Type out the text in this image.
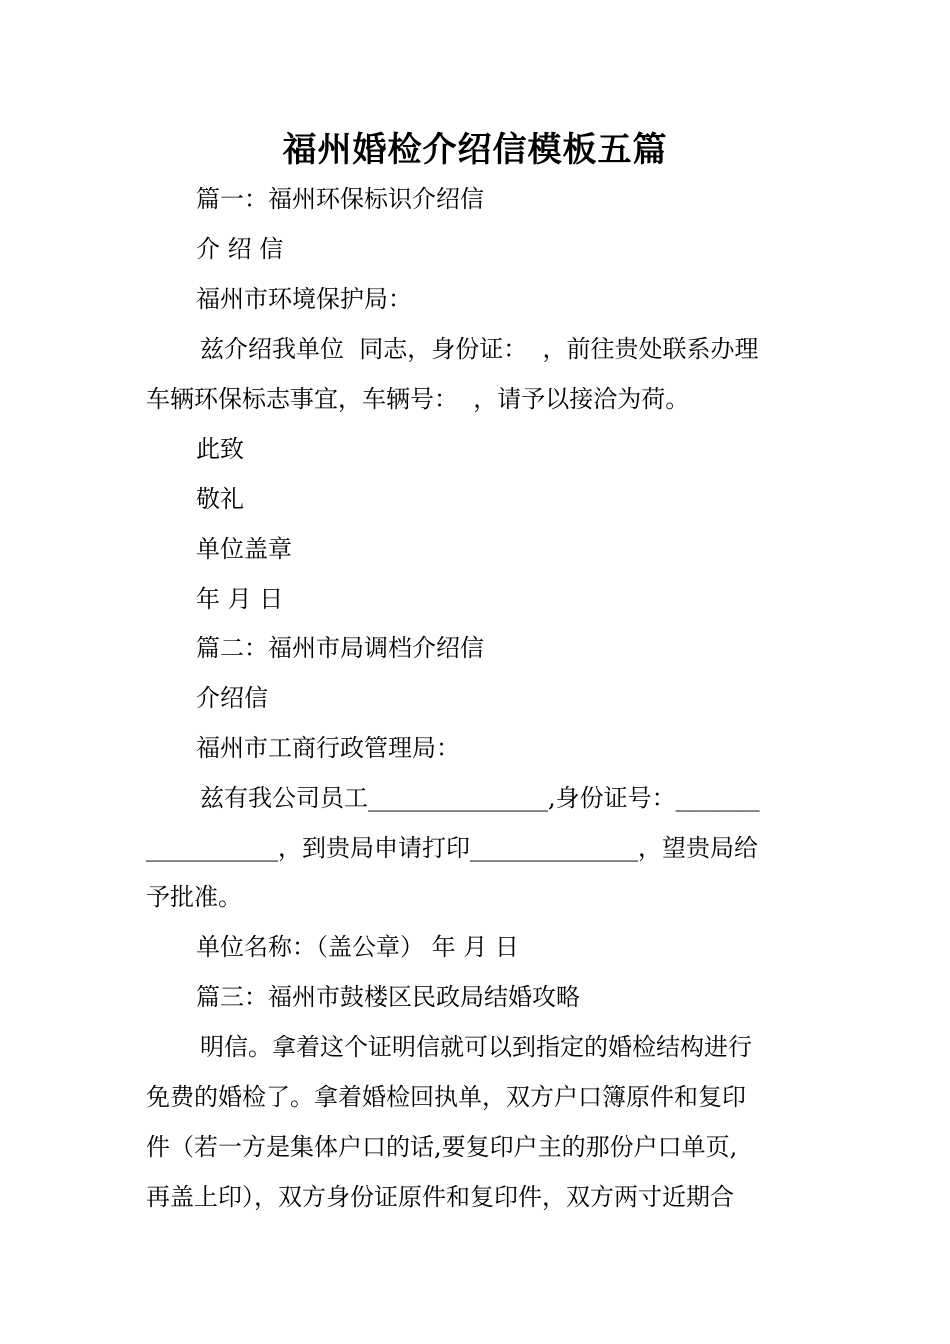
福州婚检介绍信模板五篇
篇一：福州环保标识介绍信
介 绍 信
福州市环境保护局：
兹介绍我单位  同志，身份证：  ，前往贵处联系办理
车辆环保标志事宜，车辆号：  ，请予以接洽为荷。
此致
敬礼
单位盖章
年 月 日
篇二：福州市局调档介绍信
介绍信
福州市工商行政管理局：
兹有我公司员工_______________,身份证号：_______
___________，到贵局申请打印______________，望贵局给
予批准。
单位名称：（盖公章） 年 月 日
篇三：福州市鼓楼区民政局结婚攻略
明信。拿着这个证明信就可以到指定的婚检结构进行
免费的婚检了。拿着婚检回执单，双方户口簿原件和复印
件（若一方是集体户口的话,要复印户主的那份户口单页,
再盖上印），双方身份证原件和复印件，双方两寸近期合
